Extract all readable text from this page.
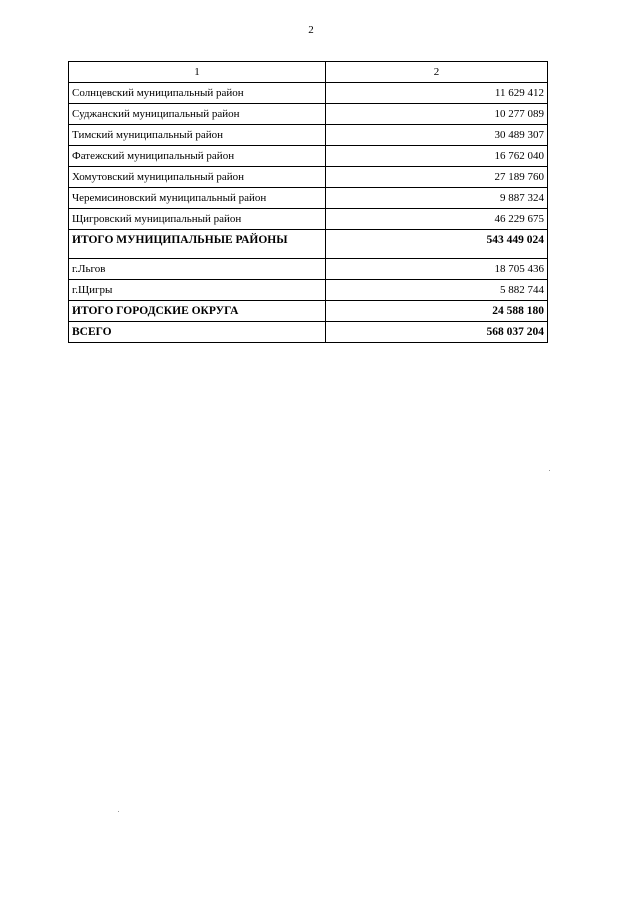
2
1	2
Солнцевский муниципальный район	11 629 412
Суджанский муниципальный район	10 277 089
Тимский муниципальный район	30 489 307
Фатежский муниципальный район	16 762 040
Хомутовский муниципальный район	27 189 760
Черемисиновский муниципальный район	9 887 324
Щигровский муниципальный район	46 229 675
ИТОГО МУНИЦИПАЛЬНЫЕ РАЙОНЫ	543 449 024
г.Льгов	18 705 436
г.Щигры	5 882 744
ИТОГО ГОРОДСКИЕ ОКРУГА	24 588 180
ВСЕГО	568 037 204
